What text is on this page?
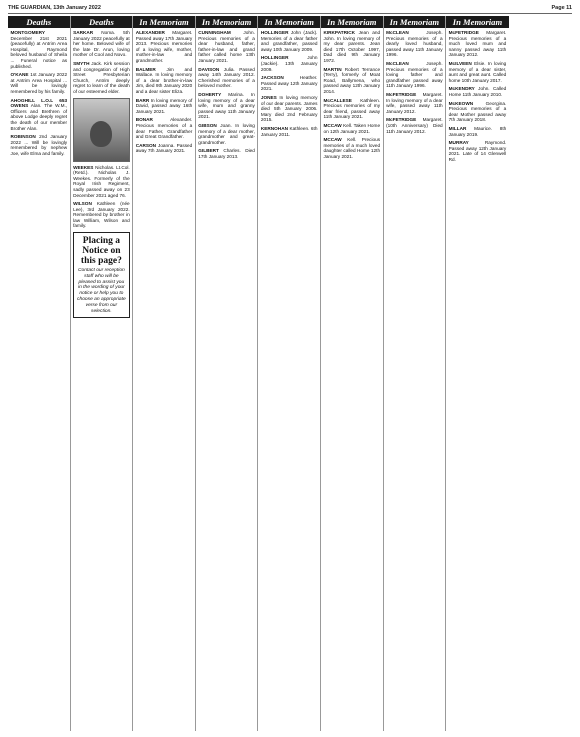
THE GUARDIAN, 13th January 2022	Page 11
Deaths
MONTGOMERY December 21st 2021 (peacefully) at Antrim Area Hospital, Raymond beloved husband of Sheila ... Funeral notice as published.
O'KANE 1st January 2022 at Antrim Area Hospital ... Will be lovingly remembered by his family.
AHOGHILL L.O.L 653 OWENS Alan. The W.M., Officers and Brethren of above Lodge deeply regret the death of our member Brother Alan.
ROBINSON 2nd January 2022 ... Will be lovingly remembered by nephew Joe, wife Elma and family.
Deaths
SARKAR Noma. 5th January 2022 peacefully at her home. Beloved wife of the late Dr. Arun, loving mother of Cool and Novo.
SMYTH Jack. Kirk session and congregation of High Street Presbyterian Church, Antrim deeply regret to learn of the death of our esteemed elder.
WEEKES Nicholas. Lt.Col. (Retd.). Nicholas J. Weekes. Formerly of the Royal Irish Regiment, sadly passed away on 23 December 2021 aged 76.
WILSON Kathleen (née Lee), 3rd January 2022. Remembered by brother in law William, Wilson and family.
Placing a Notice on this page?
Contact our reception staff who will be pleased to assist you in the wording of your notice or help you to choose an appropriate verse from our selection.
In Memoriam
ALEXANDER Margaret. Passed away 17th January 2013. Precious memories of a loving wife, mother, mother-in-law and grandmother.
BALMER Jim and Wallace. In loving memory of a dear brother-in-law Jim, died 9th January 2020 and a dear sister Eliza.
BARR In loving memory of David, passed away 16th January 2021.
BONAR	Alexander. Precious memories of a dear Father, Grandfather and Great Grandfather.
CARSON Joanna. Passed away 7th January 2021.
In Memoriam
CUNNINGHAM	John. Precious memories of a dear husband, father, father-in-law and grand father called home 13th January 2021.
DAVISON Julia. Passed away 14th January 2012. Cherished memories of a beloved mother.
DOHERTY Marina. In loving memory of a dear wife, mum and granny passed away 11th January 2021.
GIBSON Joan. In loving memory of a dear mother, grandmother and great-grandmother.
GILBERT Charles. Died 17th January 2013.
In Memoriam
HOLLINGER John (Jack). Memories of a dear father and grandfather, passed away 10th January 2009.
HOLLINGER	John (Jackie). 13th January 2009.
JACKSON	Heather. Passed away 12th January 2021.
JONES In loving memory of our dear parents. James died 5th January 2006. Mary died 2nd February 2015.
KERNOHAN Kathleen. 6th January 2011.
In Memoriam
KIRKPATRICK Jean and John. In loving memory of my dear parents. Jean died 17th October 1997, Dad died 9th January 1972.
MARTIN Robert Terrance (Terry), formerly of Moat Road, Ballymena, who passed away 12th January 2014.
McCALLESE Kathleen. Precious memories of my dear friend, passed away 11th January 2021.
MCCAW Kell. Taken Home on 12th January 2021.
MCCAW Kell. Precious memories of a much loved daughter called Home 12th January 2021.
In Memoriam
McCLEAN	Joseph. Precious memories of a dearly loved husband, passed away 11th January 1996.
McCLEAN	Joseph. Precious memories of a loving father and grandfather passed away 11th January 1996.
McFETRIDGE Margaret. In loving memory of a dear wife, passed away 11th January 2012.
McFETRIDGE Margaret. (10th Anniversary) Died 11th January 2012.
In Memoriam
McFETRIDGE Margaret. Precious memories of a much loved mum and nanny passed away 11th January 2012.
McILVEEN Elsie. In loving memory of a dear sister, aunt and great aunt. Called home 10th January 2017.
McKENDRY John. Called Home 11th January 2010.
McKEOWN	Georgina. Precious memories of a dear Mother passed away 7th January 2018.
MILLAR Maurice. 8th January 2019.
MURRAY	Raymond. Passed away 12th January 2021. Late of 14 Glenwell Rd.
